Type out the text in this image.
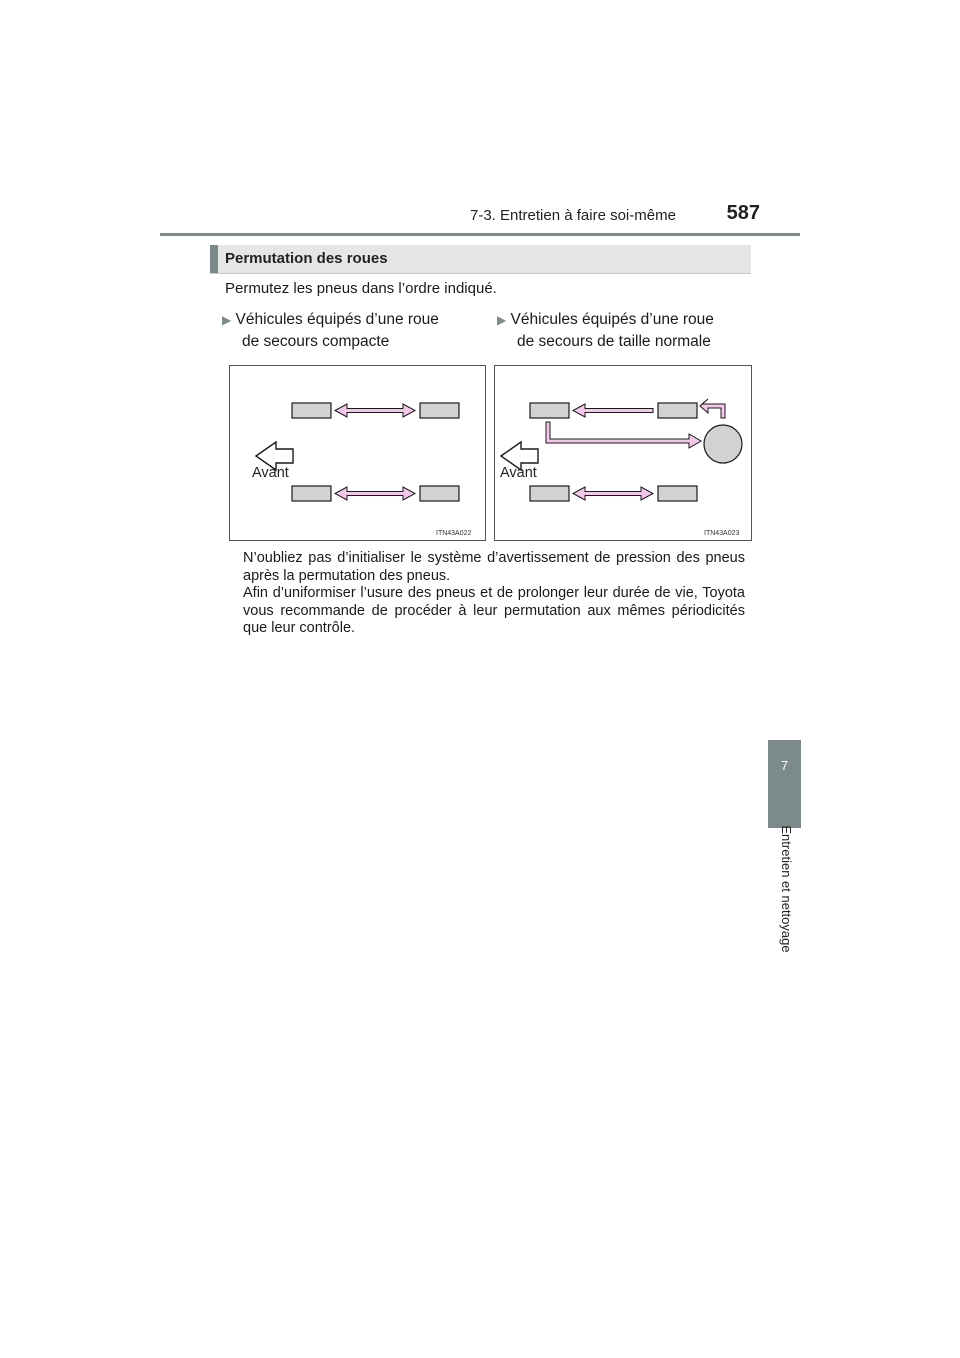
7-3. Entretien à faire soi-même	587
7
Entretien et nettoyage
Permutation des roues
Permutez les pneus dans l’ordre indiqué.
▶ Véhicules équipés d’une roue
de secours compacte
▶ Véhicules équipés d’une roue
de secours de taille normale
Avant
ITN43A022
Avant
ITN43A023

N’oubliez pas d’initialiser le système d’avertissement de pression des pneus après la permutation des pneus.

Afin d’uniformiser l’usure des pneus et de prolonger leur durée de vie, Toyota vous recommande de procéder à leur permutation aux mêmes périodicités que leur contrôle.
